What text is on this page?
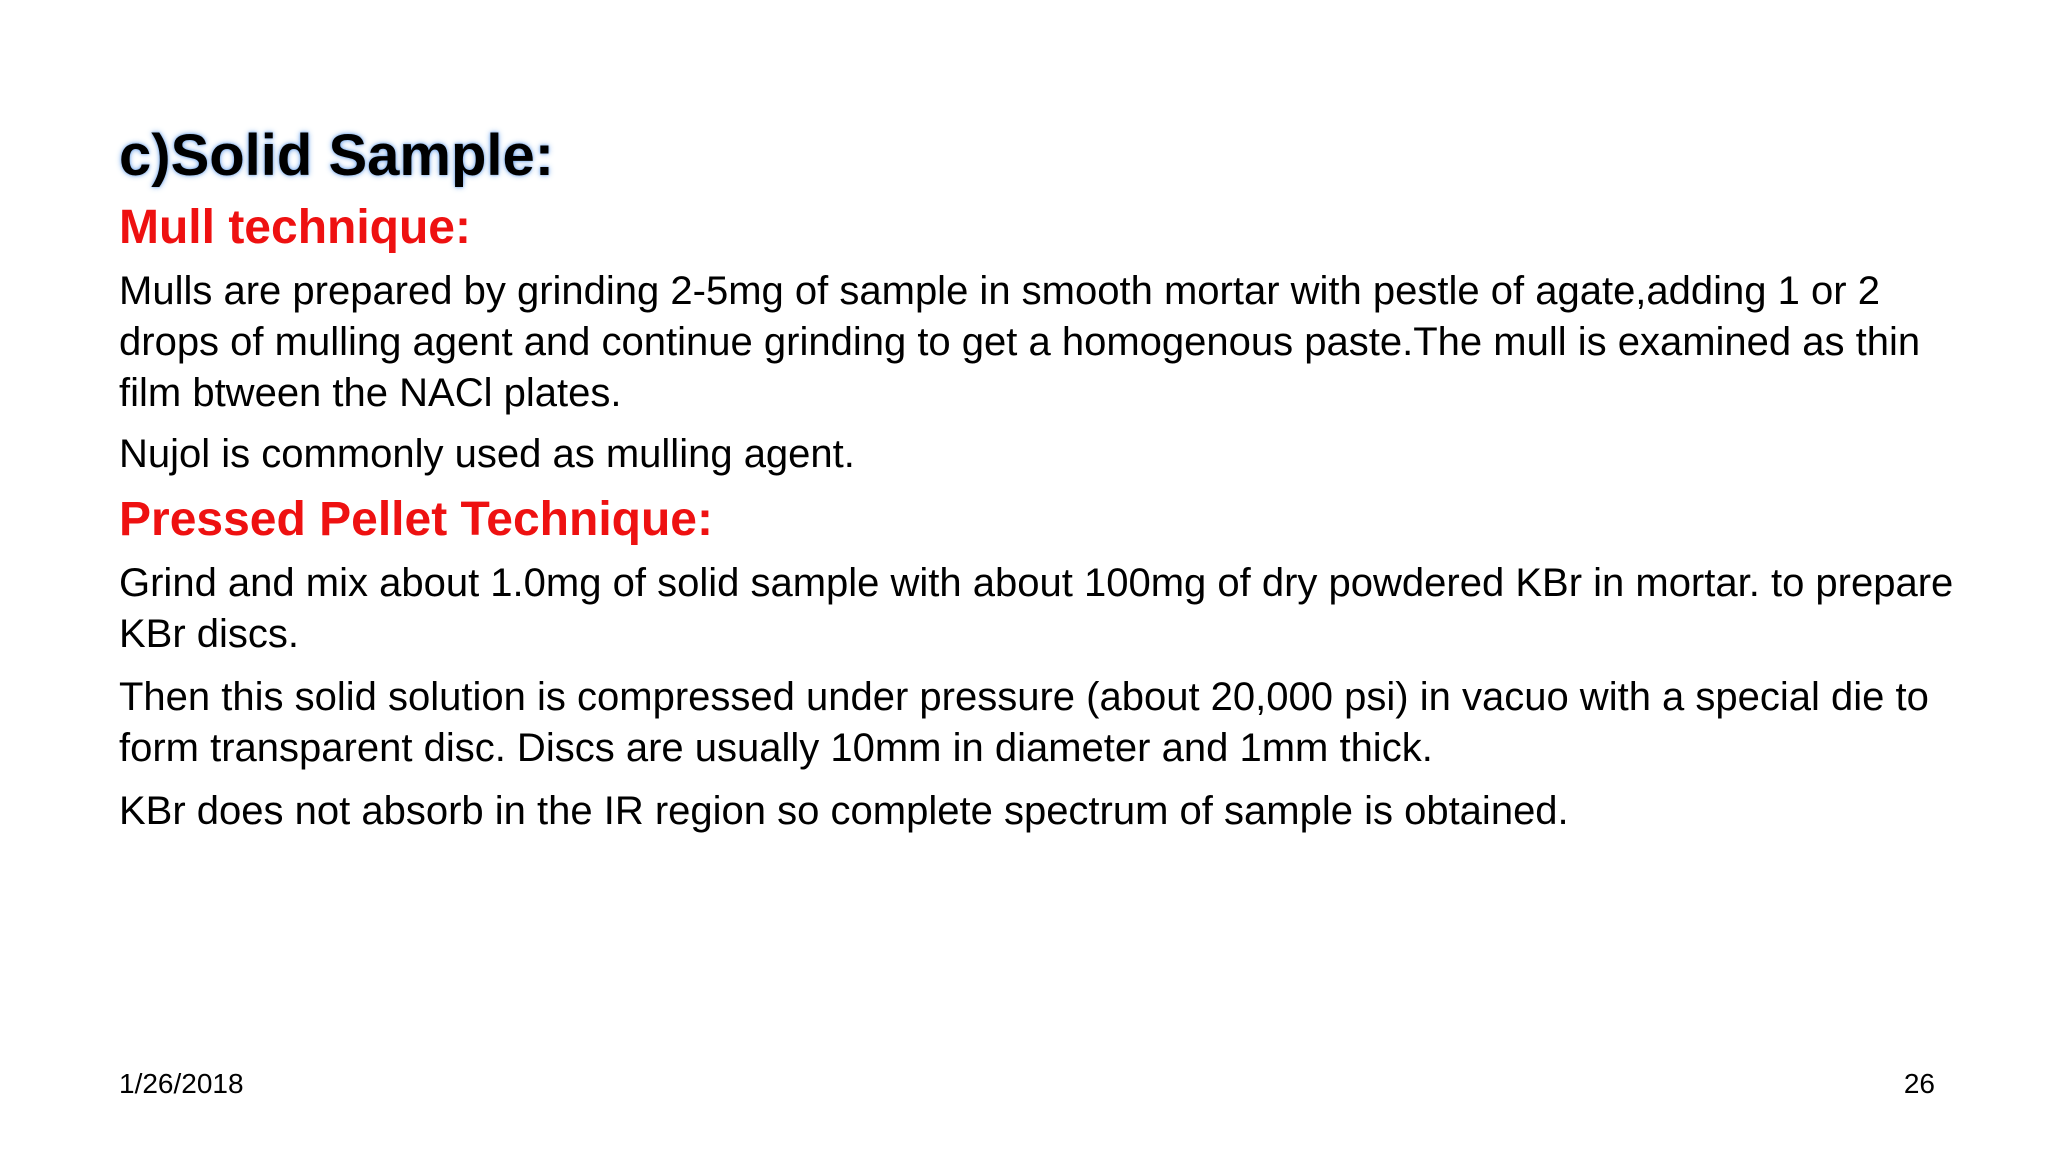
c)Solid Sample:
Mull technique:

Mulls are prepared by grinding 2-5mg of sample in smooth mortar with pestle of agate,adding 1 or 2 drops of mulling agent and continue grinding to get a homogenous paste.The mull is examined as thin film btween the NACl plates.

Nujol is commonly used as mulling agent.

Pressed Pellet Technique:

Grind and mix about 1.0mg of solid sample with about 100mg of dry powdered KBr in mortar. to prepare KBr discs.

Then this solid solution is compressed under pressure (about 20,000 psi) in vacuo with a special die to form transparent disc. Discs are usually 10mm in diameter and 1mm thick.

KBr does not absorb in the IR region so complete spectrum of sample is obtained.

1/26/2018	26
